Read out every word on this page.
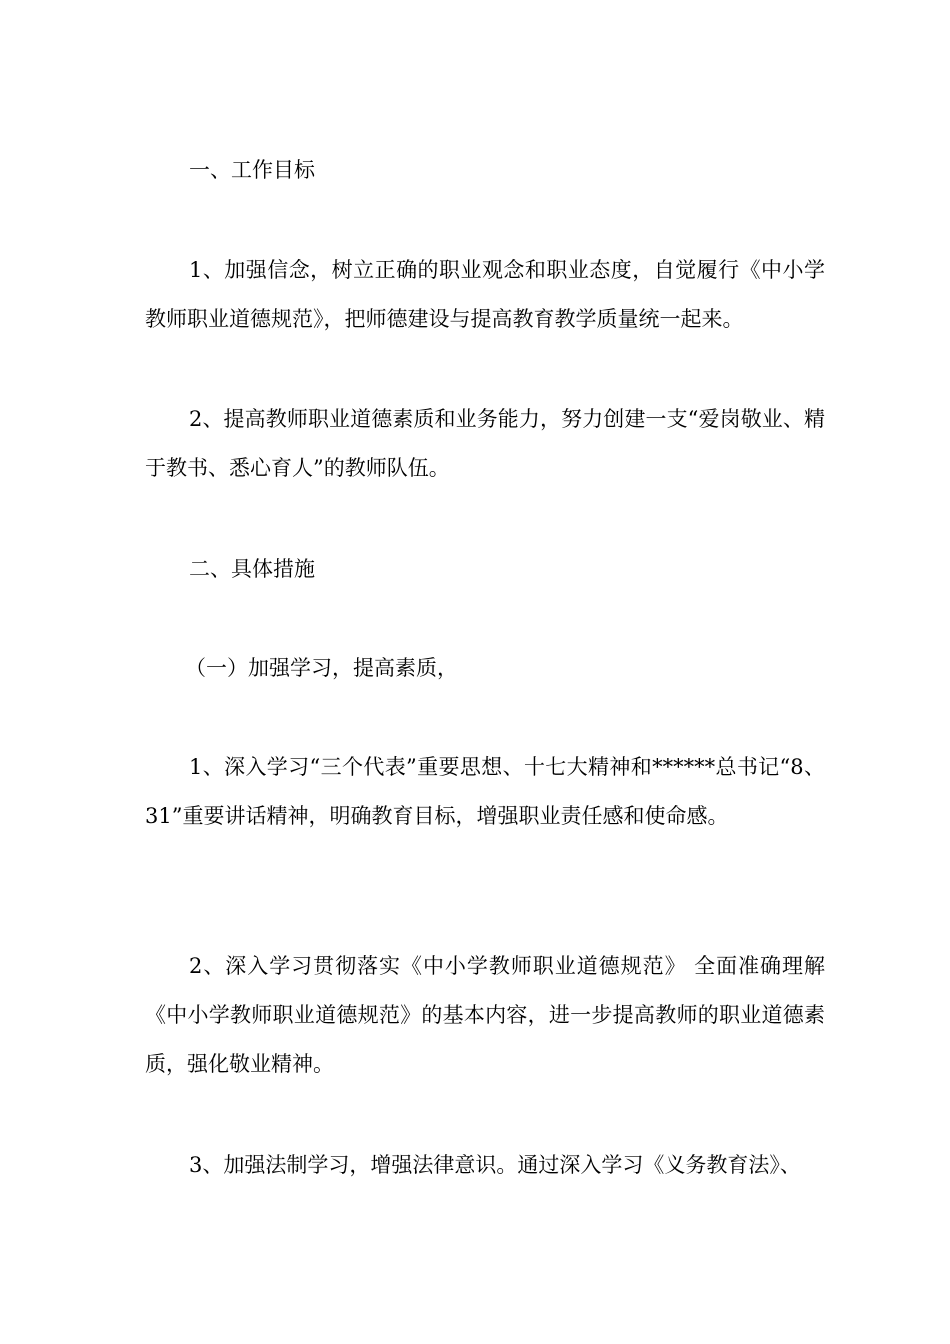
一、工作目标

1、加强信念，树立正确的职业观念和职业态度，自觉履行《中小学教师职业道德规范》，把师德建设与提高教育教学质量统一起来。

2、提高教师职业道德素质和业务能力，努力创建一支“爱岗敬业、精于教书、悉心育人”的教师队伍。

二、具体措施

（一）加强学习，提高素质，

1、深入学习“三个代表”重要思想、十七大精神和******总书记“8、31”重要讲话精神，明确教育目标，增强职业责任感和使命感。

2、深入学习贯彻落实《中小学教师职业道德规范》 全面准确理解《中小学教师职业道德规范》的基本内容，进一步提高教师的职业道德素质，强化敬业精神。

3、加强法制学习，增强法律意识。通过深入学习《义务教育法》、
